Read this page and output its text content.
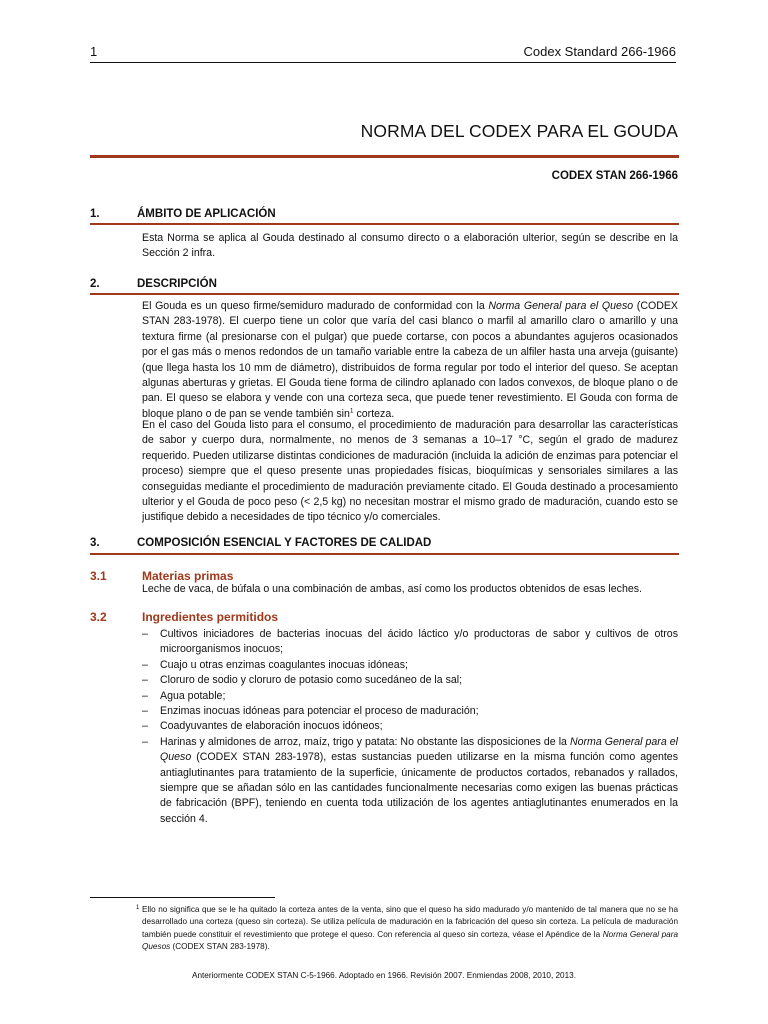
1	Codex Standard 266-1966
NORMA DEL CODEX PARA EL GOUDA
CODEX STAN 266-1966
1.	ÁMBITO DE APLICACIÓN

Esta Norma se aplica al Gouda destinado al consumo directo o a elaboración ulterior, según se describe en la Sección 2 infra.

2.	DESCRIPCIÓN

El Gouda es un queso firme/semiduro madurado de conformidad con la Norma General para el Queso (CODEX STAN 283-1978). El cuerpo tiene un color que varía del casi blanco o marfil al amarillo claro o amarillo y una textura firme (al presionarse con el pulgar) que puede cortarse, con pocos a abundantes agujeros ocasionados por el gas más o menos redondos de un tamaño variable entre la cabeza de un alfiler hasta una arveja (guisante) (que llega hasta los 10 mm de diámetro), distribuidos de forma regular por todo el interior del queso. Se aceptan algunas aberturas y grietas. El Gouda tiene forma de cilindro aplanado con lados convexos, de bloque plano o de pan. El queso se elabora y vende con una corteza seca, que puede tener revestimiento. El Gouda con forma de bloque plano o de pan se vende también $\sin^1$ corteza.

En el caso del Gouda listo para el consumo, el procedimiento de maduración para desarrollar las características de sabor y cuerpo dura, normalmente, no menos de 3 semanas a 10–17 °C, según el grado de madurez requerido. Pueden utilizarse distintas condiciones de maduración (incluida la adición de enzimas para potenciar el proceso) siempre que el queso presente unas propiedades físicas, bioquímicas y sensoriales similares a las conseguidas mediante el procedimiento de maduración previamente citado. El Gouda destinado a procesamiento ulterior y el Gouda de poco peso (< 2,5 kg) no necesitan mostrar el mismo grado de maduración, cuando esto se justifique debido a necesidades de tipo técnico y/o comerciales.

3.	COMPOSICIÓN ESENCIAL Y FACTORES DE CALIDAD
3.1	Materias primas

Leche de vaca, de búfala o una combinación de ambas, así como los productos obtenidos de esas leches.

3.2	Ingredientes permitidos
– Cultivos iniciadores de bacterias inocuas del ácido láctico y/o productoras de sabor y cultivos de otros microorganismos inocuos;
– Cuajo u otras enzimas coagulantes inocuas idóneas;
– Cloruro de sodio y cloruro de potasio como sucedáneo de la sal;
– Agua potable;
– Enzimas inocuas idóneas para potenciar el proceso de maduración;
– Coadyuvantes de elaboración inocuos idóneos;
– Harinas y almidones de arroz, maíz, trigo y patata: No obstante las disposiciones de la Norma General para el Queso (CODEX STAN 283-1978), estas sustancias pueden utilizarse en la misma función como agentes antiaglutinantes para tratamiento de la superficie, únicamente de productos cortados, rebanados y rallados, siempre que se añadan sólo en las cantidades funcionalmente necesarias como exigen las buenas prácticas de fabricación (BPF), teniendo en cuenta toda utilización de los agentes antiaglutinantes enumerados en la sección 4.
1 Ello no significa que se le ha quitado la corteza antes de la venta, sino que el queso ha sido madurado y/o mantenido de tal manera que no se ha desarrollado una corteza (queso sin corteza). Se utiliza película de maduración en la fabricación del queso sin corteza. La película de maduración también puede constituir el revestimiento que protege el queso. Con referencia al queso sin corteza, véase el Apéndice de la Norma General para Quesos (CODEX STAN 283-1978).
Anteriormente CODEX STAN C-5-1966. Adoptado en 1966. Revisión 2007. Enmiendas 2008, 2010, 2013.
